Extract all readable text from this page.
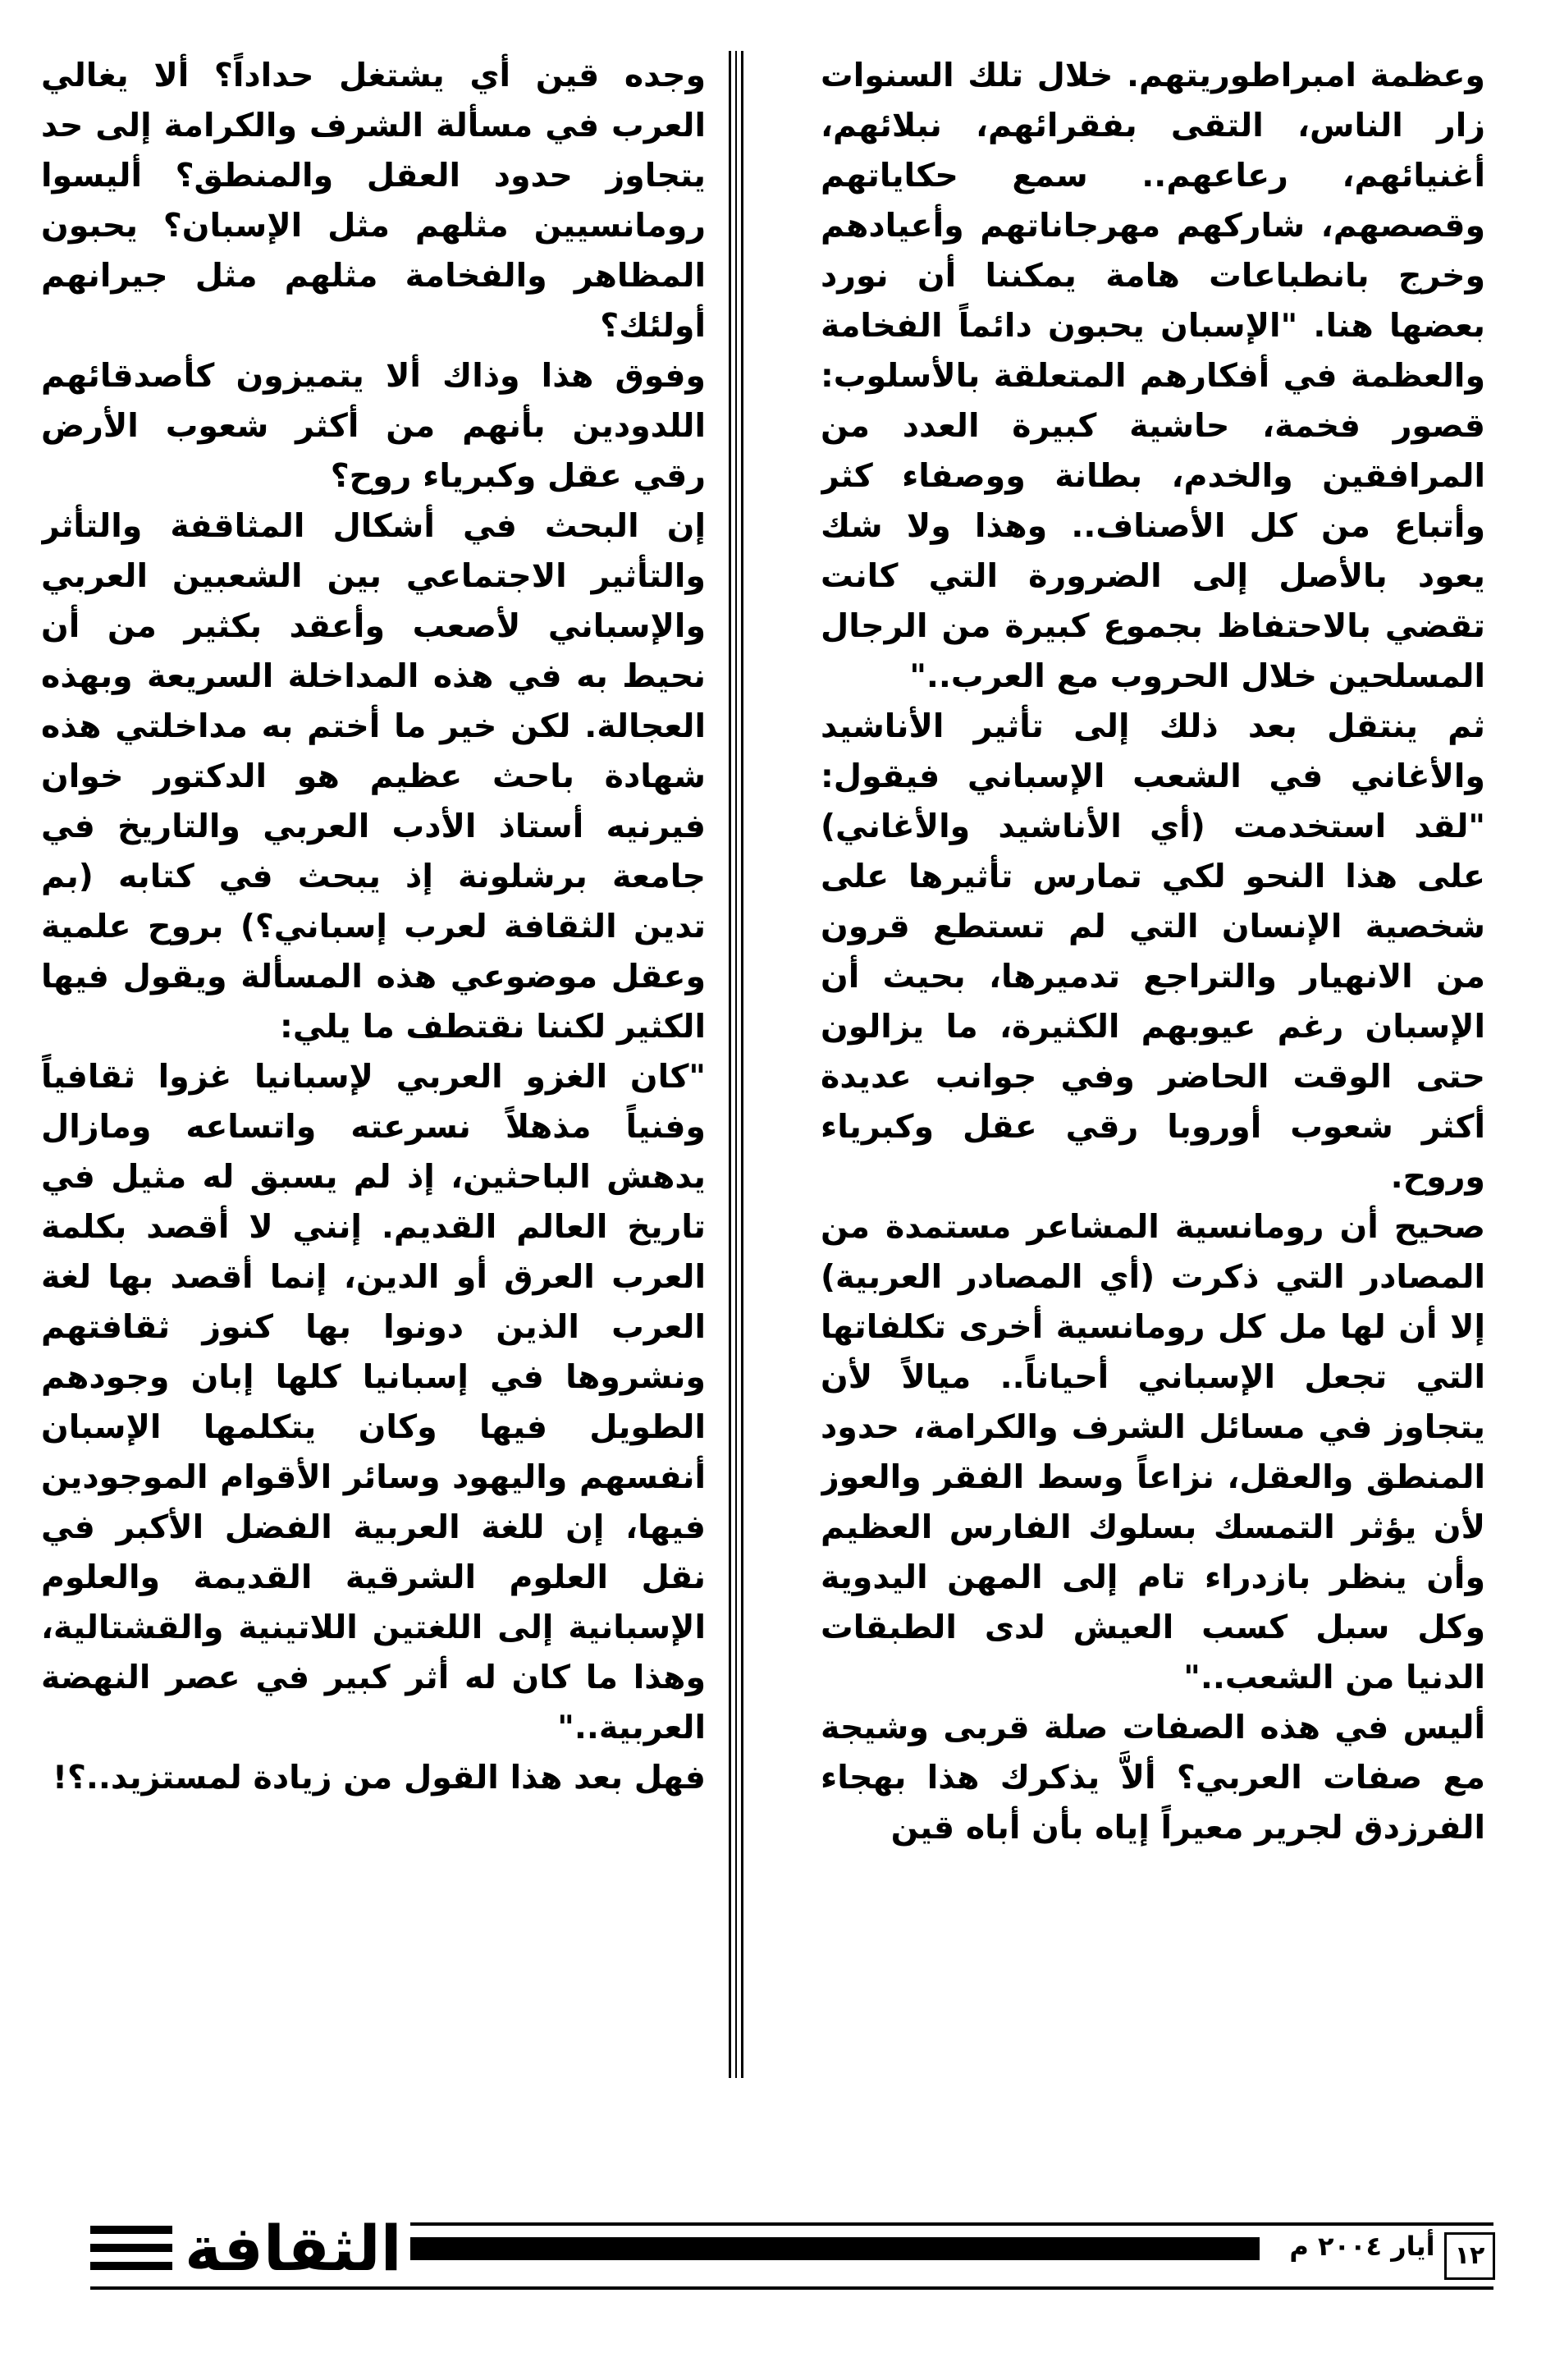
وعظمة امبراطوريتهم. خلال تلك السنوات زار الناس، التقى بفقرائهم، نبلائهم، أغنيائهم، رعاعهم.. سمع حكاياتهم وقصصهم، شاركهم مهرجاناتهم وأعيادهم وخرج بانطباعات هامة يمكننا أن نورد بعضها هنا. "الإسبان يحبون دائماً الفخامة والعظمة في أفكارهم المتعلقة بالأسلوب: قصور فخمة، حاشية كبيرة العدد من المرافقين والخدم، بطانة ووصفاء كثر وأتباع من كل الأصناف.. وهذا ولا شك يعود بالأصل إلى الضرورة التي كانت تقضي بالاحتفاظ بجموع كبيرة من الرجال المسلحين خلال الحروب مع العرب.."

ثم ينتقل بعد ذلك إلى تأثير الأناشيد والأغاني في الشعب الإسباني فيقول: "لقد استخدمت (أي الأناشيد والأغاني) على هذا النحو لكي تمارس تأثيرها على شخصية الإنسان التي لم تستطع قرون من الانهيار والتراجع تدميرها، بحيث أن الإسبان رغم عيوبهم الكثيرة، ما يزالون حتى الوقت الحاضر وفي جوانب عديدة أكثر شعوب أوروبا رقي عقل وكبرياء وروح.

صحيح أن رومانسية المشاعر مستمدة من المصادر التي ذكرت (أي المصادر العربية) إلا أن لها مل كل رومانسية أخرى تكلفاتها التي تجعل الإسباني أحياناً.. ميالاً لأن يتجاوز في مسائل الشرف والكرامة، حدود المنطق والعقل، نزاعاً وسط الفقر والعوز لأن يؤثر التمسك بسلوك الفارس العظيم وأن ينظر بازدراء تام إلى المهن اليدوية وكل سبل كسب العيش لدى الطبقات الدنيا من الشعب.."

أليس في هذه الصفات صلة قربى وشيجة مع صفات العربي؟ ألاَّ يذكرك هذا بهجاء الفرزدق لجرير معيراً إياه بأن أباه قين

وجده قين أي يشتغل حداداً؟ ألا يغالي العرب في مسألة الشرف والكرامة إلى حد يتجاوز حدود العقل والمنطق؟ أليسوا رومانسيين مثلهم مثل الإسبان؟ يحبون المظاهر والفخامة مثلهم مثل جيرانهم أولئك؟

وفوق هذا وذاك ألا يتميزون كأصدقائهم اللدودين بأنهم من أكثر شعوب الأرض رقي عقل وكبرياء روح؟

إن البحث في أشكال المثاقفة والتأثر والتأثير الاجتماعي بين الشعبين العربي والإسباني لأصعب وأعقد بكثير من أن نحيط به في هذه المداخلة السريعة وبهذه العجالة. لكن خير ما أختم به مداخلتي هذه شهادة باحث عظيم هو الدكتور خوان فيرنيه أستاذ الأدب العربي والتاريخ في جامعة برشلونة إذ يبحث في كتابه (بم تدين الثقافة لعرب إسباني؟) بروح علمية وعقل موضوعي هذه المسألة ويقول فيها الكثير لكننا نقتطف ما يلي:

"كان الغزو العربي لإسبانيا غزوا ثقافياً وفنياً مذهلاً نسرعته واتساعه ومازال يدهش الباحثين، إذ لم يسبق له مثيل في تاريخ العالم القديم. إنني لا أقصد بكلمة العرب العرق أو الدين، إنما أقصد بها لغة العرب الذين دونوا بها كنوز ثقافتهم ونشروها في إسبانيا كلها إبان وجودهم الطويل فيها وكان يتكلمها الإسبان أنفسهم واليهود وسائر الأقوام الموجودين فيها، إن للغة العربية الفضل الأكبر في نقل العلوم الشرقية القديمة والعلوم الإسبانية إلى اللغتين اللاتينية والقشتالية، وهذا ما كان له أثر كبير في عصر النهضة العربية.."

فهل بعد هذا القول من زيادة لمستزيد..؟!

الثقافة	أيار ٢٠٠٤ م ١٢
